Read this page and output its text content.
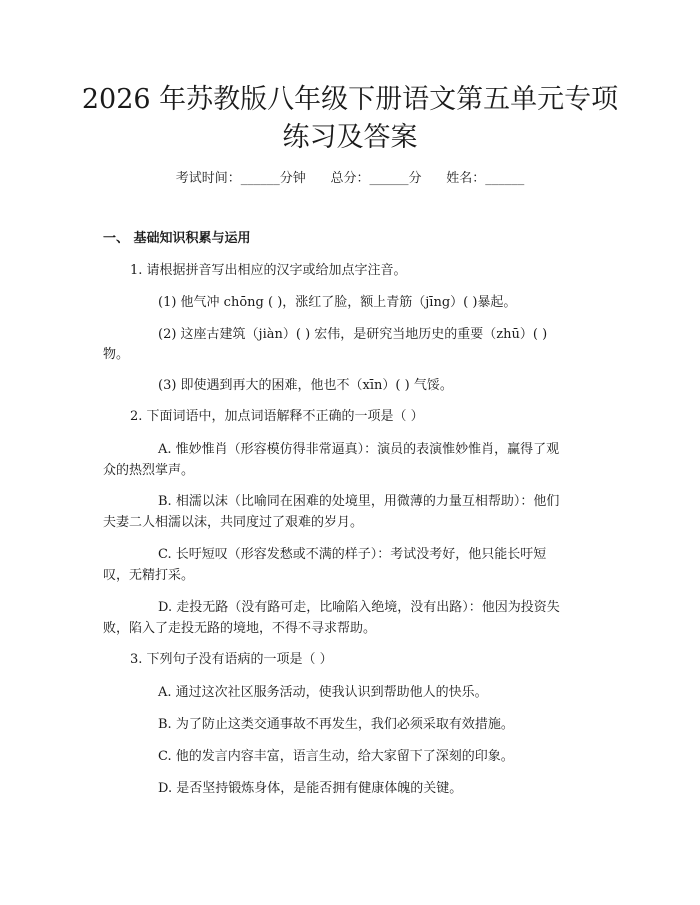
2026 年苏教版八年级下册语文第五单元专项
练习及答案
考试时间：______分钟      总分：______分      姓名：______
一、 基础知识积累与运用
1. 请根据拼音写出相应的汉字或给加点字注音。
(1) 他气冲 chōng ( )，涨红了脸，额上青筋（jīng）( )暴起。
(2) 这座古建筑（jiàn）( ) 宏伟，是研究当地历史的重要（zhū）( )
物。
(3) 即使遇到再大的困难，他也不（xīn）( ) 气馁。
2. 下面词语中，加点词语解释不正确的一项是（ ）
A. 惟妙惟肖（形容模仿得非常逼真）：演员的表演惟妙惟肖，赢得了观
众的热烈掌声。
B. 相濡以沫（比喻同在困难的处境里，用微薄的力量互相帮助）：他们
夫妻二人相濡以沫，共同度过了艰难的岁月。
C. 长吁短叹（形容发愁或不满的样子）：考试没考好，他只能长吁短
叹，无精打采。
D. 走投无路（没有路可走，比喻陷入绝境，没有出路）：他因为投资失
败，陷入了走投无路的境地，不得不寻求帮助。
3. 下列句子没有语病的一项是（ ）
A. 通过这次社区服务活动，使我认识到帮助他人的快乐。
B. 为了防止这类交通事故不再发生，我们必须采取有效措施。
C. 他的发言内容丰富，语言生动，给大家留下了深刻的印象。
D. 是否坚持锻炼身体，是能否拥有健康体魄的关键。
